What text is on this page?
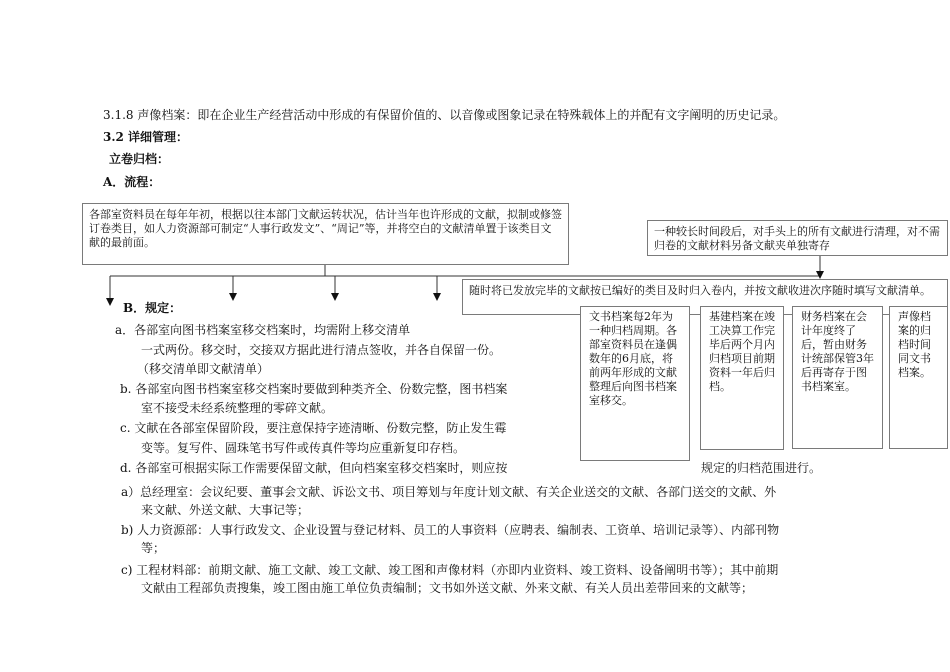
3.1.8 声像档案：即在企业生产经营活动中形成的有保留价值的、以音像或图象记录在特殊载体上的并配有文字阐明的历史记录。
3.2 详细管理：
立卷归档：
A．流程：
各部室资料员在每年年初，根据以往本部门文献运转状况，估计当年也许形成的文献，拟制或修签订卷类目，如人力资源部可制定“人事行政发文”、“周记”等，并将空白的文献清单置于该类目文献的最前面。
一种较长时间段后，对手头上的所有文献进行清理，对不需归卷的文献材料另备文献夹单独寄存
随时将已发放完毕的文献按已编好的类目及时归入卷内，并按文献收进次序随时填写文献清单。
文书档案每2年为一种归档周期。各部室资料员在逢偶数年的6月底，将前两年形成的文献整理后向图书档案室移交。
基建档案在竣工决算工作完毕后两个月内归档项目前期资料一年后归档。
财务档案在会计年度终了后，暂由财务计统部保管3年后再寄存于图书档案室。
声像档案的归档时间同文书档案。
B．规定：
a．各部室向图书档案室移交档案时，均需附上移交清单
一式两份。移交时，交接双方据此进行清点签收，并各自保留一份。
（移交清单即文献清单）
b. 各部室向图书档案室移交档案时要做到种类齐全、份数完整，图书档案
室不接受未经系统整理的零碎文献。
c. 文献在各部室保留阶段，要注意保持字迹清晰、份数完整，防止发生霉
变等。复写件、圆珠笔书写件或传真件等均应重新复印存档。
d. 各部室可根据实际工作需要保留文献，但向档案室移交档案时，则应按	规定的归档范围进行。
a）总经理室：会议纪要、董事会文献、诉讼文书、项目筹划与年度计划文献、有关企业送交的文献、各部门送交的文献、外
来文献、外送文献、大事记等；
b) 人力资源部：人事行政发文、企业设置与登记材料、员工的人事资料（应聘表、编制表、工资单、培训记录等）、内部刊物
等；
c) 工程材料部：前期文献、施工文献、竣工文献、竣工图和声像材料（亦即内业资料、竣工资料、设备阐明书等）；其中前期
文献由工程部负责搜集，竣工图由施工单位负责编制；文书如外送文献、外来文献、有关人员出差带回来的文献等；
